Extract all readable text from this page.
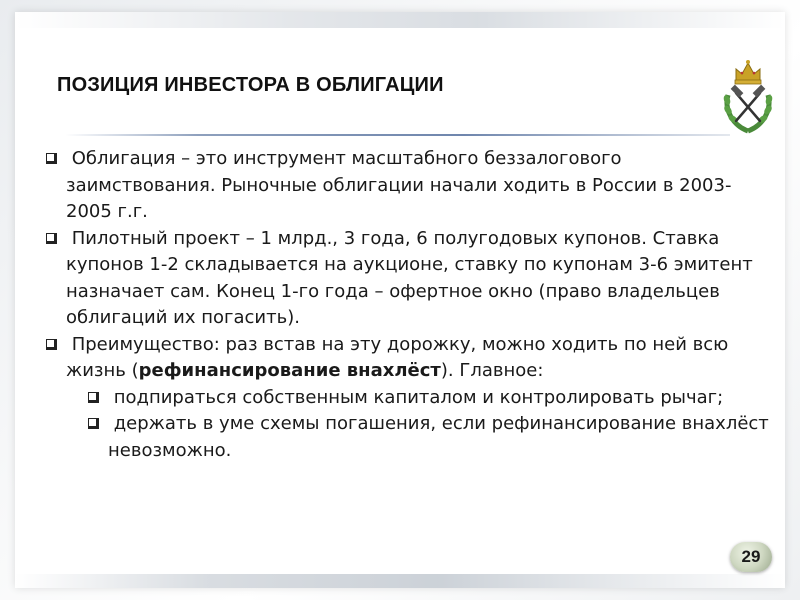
ПОЗИЦИЯ ИНВЕСТОРА В ОБЛИГАЦИИ

Облигация – это инструмент масштабного беззалогового заимствования. Рыночные облигации начали ходить в России в 2003-2005 г.г.

Пилотный проект – 1 млрд., 3 года, 6 полугодовых купонов. Ставка купонов 1-2 складывается на аукционе, ставку по купонам 3-6 эмитент назначает сам. Конец 1-го года – офертное окно (право владельцев облигаций их погасить).

Преимущество: раз встав на эту дорожку, можно ходить по ней всю жизнь (рефинансирование внахлёст). Главное:

подпираться собственным капиталом и контролировать рычаг;

держать в уме схемы погашения, если рефинансирование внахлёст невозможно.

29
